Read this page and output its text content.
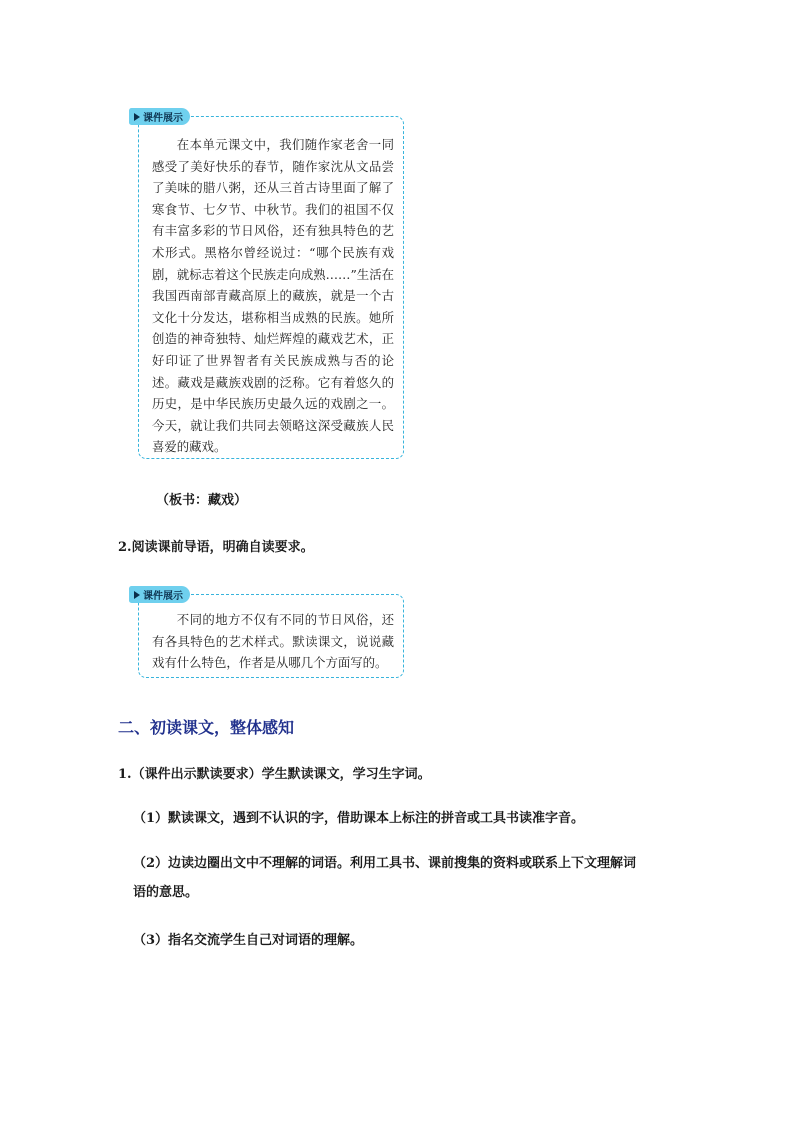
课件展示

在本单元课文中，我们随作家老舍一同感受了美好快乐的春节，随作家沈从文品尝了美味的腊八粥，还从三首古诗里面了解了寒食节、七夕节、中秋节。我们的祖国不仅有丰富多彩的节日风俗，还有独具特色的艺术形式。黑格尔曾经说过：“哪个民族有戏剧，就标志着这个民族走向成熟……”生活在我国西南部青藏高原上的藏族，就是一个古文化十分发达，堪称相当成熟的民族。她所创造的神奇独特、灿烂辉煌的藏戏艺术，正好印证了世界智者有关民族成熟与否的论述。藏戏是藏族戏剧的泛称。它有着悠久的历史，是中华民族历史最久远的戏剧之一。今天，就让我们共同去领略这深受藏族人民喜爱的藏戏。

（板书：藏戏）

2.阅读课前导语，明确自读要求。

课件展示

不同的地方不仅有不同的节日风俗，还有各具特色的艺术样式。默读课文，说说藏戏有什么特色，作者是从哪几个方面写的。

二、初读课文，整体感知

1.（课件出示默读要求）学生默读课文，学习生字词。

（1）默读课文，遇到不认识的字，借助课本上标注的拼音或工具书读准字音。

（2）边读边圈出文中不理解的词语。利用工具书、课前搜集的资料或联系上下文理解词

语的意思。

（3）指名交流学生自己对词语的理解。
